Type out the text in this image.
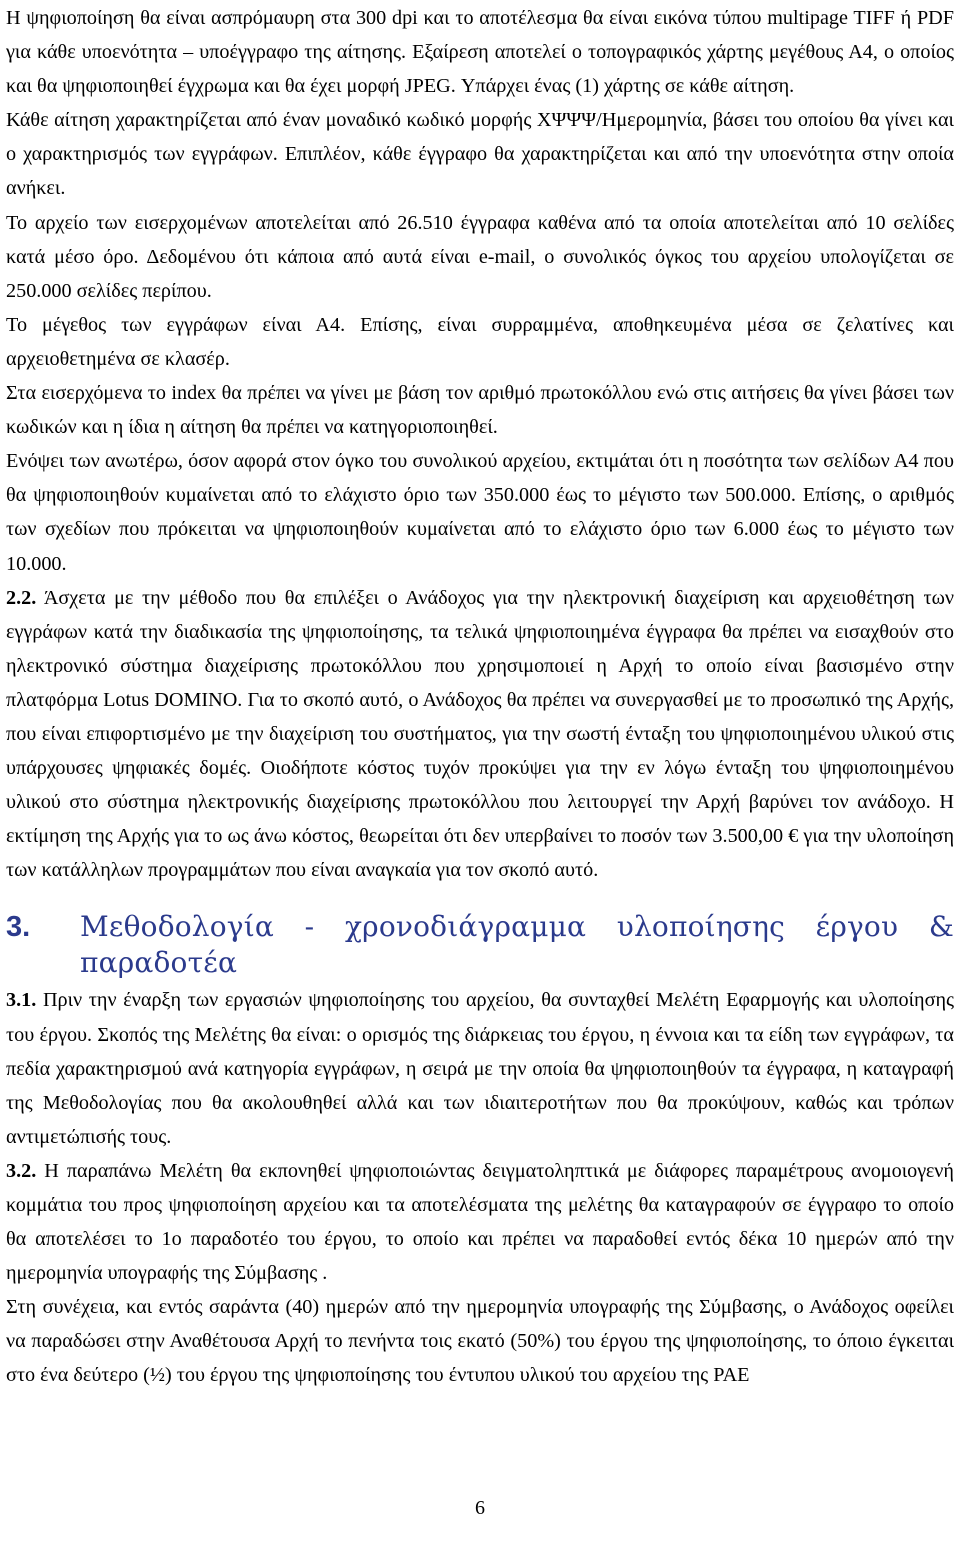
Η ψηφιοποίηση θα είναι ασπρόμαυρη στα 300 dpi και το αποτέλεσμα θα είναι εικόνα τύπου multipage TIFF ή PDF για κάθε υποενότητα – υποέγγραφο της αίτησης. Εξαίρεση αποτελεί ο τοπογραφικός χάρτης μεγέθους Α4, ο οποίος και θα ψηφιοποιηθεί έγχρωμα και θα έχει μορφή JPEG. Υπάρχει ένας (1) χάρτης σε κάθε αίτηση.

Κάθε αίτηση χαρακτηρίζεται από έναν μοναδικό κωδικό μορφής ΧΨΨΨ/Ημερομηνία, βάσει του οποίου θα γίνει και ο χαρακτηρισμός των εγγράφων. Επιπλέον, κάθε έγγραφο θα χαρακτηρίζεται και από την υποενότητα στην οποία ανήκει.

Το αρχείο των εισερχομένων αποτελείται από 26.510 έγγραφα καθένα από τα οποία αποτελείται από 10 σελίδες κατά μέσο όρο. Δεδομένου ότι κάποια από αυτά είναι e-mail, ο συνολικός όγκος του αρχείου υπολογίζεται σε 250.000 σελίδες περίπου.

Το μέγεθος των εγγράφων είναι Α4. Επίσης, είναι συρραμμένα, αποθηκευμένα μέσα σε ζελατίνες και αρχειοθετημένα σε κλασέρ.

Στα εισερχόμενα το index θα πρέπει να γίνει με βάση τον αριθμό πρωτοκόλλου ενώ στις αιτήσεις θα γίνει βάσει των κωδικών και η ίδια η αίτηση θα πρέπει να κατηγοριοποιηθεί.

Ενόψει των ανωτέρω, όσον αφορά στον όγκο του συνολικού αρχείου, εκτιμάται ότι η ποσότητα των σελίδων Α4 που θα ψηφιοποιηθούν κυμαίνεται από το ελάχιστο όριο των 350.000 έως το μέγιστο των 500.000. Επίσης, ο αριθμός των σχεδίων που πρόκειται να ψηφιοποιηθούν κυμαίνεται από το ελάχιστο όριο των 6.000 έως το μέγιστο των 10.000.

2.2. Άσχετα με την μέθοδο που θα επιλέξει ο Ανάδοχος για την ηλεκτρονική διαχείριση και αρχειοθέτηση των εγγράφων κατά την διαδικασία της ψηφιοποίησης, τα τελικά ψηφιοποιημένα έγγραφα θα πρέπει να εισαχθούν στο ηλεκτρονικό σύστημα διαχείρισης πρωτοκόλλου που χρησιμοποιεί η Αρχή το οποίο είναι βασισμένο στην πλατφόρμα Lotus DOMINO. Για το σκοπό αυτό, ο Ανάδοχος θα πρέπει να συνεργασθεί με το προσωπικό της Αρχής, που είναι επιφορτισμένο με την διαχείριση του συστήματος, για την σωστή ένταξη του ψηφιοποιημένου υλικού στις υπάρχουσες ψηφιακές δομές. Οιοδήποτε κόστος τυχόν προκύψει για την εν λόγω ένταξη του ψηφιοποιημένου υλικού στο σύστημα ηλεκτρονικής διαχείρισης πρωτοκόλλου που λειτουργεί την Αρχή βαρύνει τον ανάδοχο. Η εκτίμηση της Αρχής για το ως άνω κόστος, θεωρείται ότι δεν υπερβαίνει το ποσόν των 3.500,00 € για την υλοποίηση των κατάλληλων προγραμμάτων που είναι αναγκαία για τον σκοπό αυτό.

3.	Μεθοδολογία - χρονοδιάγραμμα υλοποίησης έργου & παραδοτέα

3.1. Πριν την έναρξη των εργασιών ψηφιοποίησης του αρχείου, θα συνταχθεί Μελέτη Εφαρμογής και υλοποίησης του έργου. Σκοπός της Μελέτης θα είναι: ο ορισμός της διάρκειας του έργου, η έννοια και τα είδη των εγγράφων, τα πεδία χαρακτηρισμού ανά κατηγορία εγγράφων, η σειρά με την οποία θα ψηφιοποιηθούν τα έγγραφα, η καταγραφή της Μεθοδολογίας που θα ακολουθηθεί αλλά και των ιδιαιτεροτήτων που θα προκύψουν, καθώς και τρόπων αντιμετώπισής τους.

3.2. Η παραπάνω Μελέτη θα εκπονηθεί ψηφιοποιώντας δειγματοληπτικά με διάφορες παραμέτρους ανομοιογενή κομμάτια του προς ψηφιοποίηση αρχείου και τα αποτελέσματα της μελέτης θα καταγραφούν σε έγγραφο το οποίο θα αποτελέσει το 1ο παραδοτέο του έργου, το οποίο και πρέπει να παραδοθεί εντός δέκα 10 ημερών από την ημερομηνία υπογραφής της Σύμβασης .

Στη συνέχεια, και εντός σαράντα (40) ημερών από την ημερομηνία υπογραφής της Σύμβασης, ο Ανάδοχος οφείλει να παραδώσει στην Αναθέτουσα Αρχή το πενήντα τοις εκατό (50%) του έργου της ψηφιοποίησης, το όποιο έγκειται στο ένα δεύτερο (½) του έργου της ψηφιοποίησης του έντυπου υλικού του αρχείου της ΡΑΕ

6
